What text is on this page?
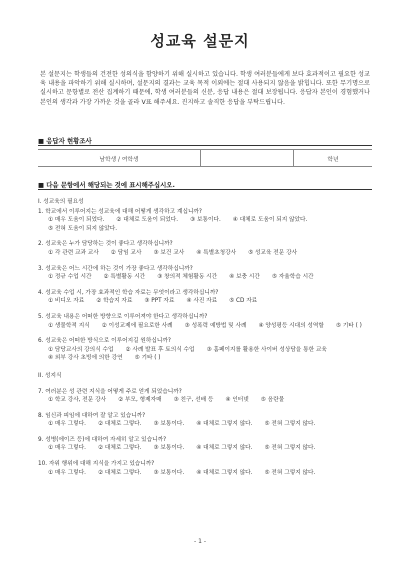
성교육 설문지
본 설문지는 학생들의 건전한 성의식을 함양하기 위해 실시하고 있습니다. 학생 여러분들에게 보다 효과적이고 필요한 성교육 내용을 파악하기 위해 실시하며, 설문지의 결과는 교육 목적 이외에는 절대 사용되지 않음을 밝힙니다. 또한 무기명으로 실시하고 문항별로 전산 집계하기 때문에, 학생 여러분들의 신분, 응답 내용은 절대 보장됩니다. 응답자 본인이 경험했거나 본인의 생각과 가장 가까운 것을 골라 V표 해주세요. 진지하고 솔직한 응답을 부탁드립니다.
■ 응답자 현황조사
남학생 / 여학생		학년
■ 다음 문항에서 해당되는 것에 표시해주십시오.
I. 성교육의 필요성
1. 학교에서 이루어지는 성교육에 대해 어떻게 생각하고 계십니까?
① 매우 도움이 되었다. ② 대체로 도움이 되었다. ③ 보통이다. ④ 대체로 도움이 되지 않았다.
⑤ 전혀 도움이 되지 않았다.
2. 성교육은 누가 담당하는 것이 좋다고 생각하십니까?
① 각 관련 교과 교사 ② 담임 교사 ③ 보건 교사 ④ 특별초청강사 ⑤ 성교육 전문 강사
3. 성교육은 어느 시간에 하는 것이 가장 좋다고 생각하십니까?
① 정규 수업 시간 ② 특별활동 시간 ③ 창의적 체험활동 시간 ④ 보충 시간 ⑤ 자율학습 시간
4. 성교육 수업 시, 가장 효과적인 학습 자료는 무엇이라고 생각하십니까?
① 비디오 자료 ② 학습지 자료 ③ PPT 자료 ④ 사진 자료 ⑤ CD 자료
5. 성교육 내용은 어떠한 방향으로 이루어져야 한다고 생각하십니까?
① 생물학적 지식 ② 이성교제에 필요로한 사례 ③ 성폭력 예방법 및 사례 ④ 양성평등 시대의 성역할 ⑤ 기타 ( )
6. 성교육은 어떠한 방식으로 이루어지길 원하십니까?
① 담당교사의 강의식 수업 ② 사례 발표 후 토의식 수업 ③ 홈페이지를 활용한 사이버 성상담을 통한 교육
④ 외부 강사 초빙에 의한 강연 ⑤ 기타 ( )
II. 성지식
7. 여러분은 성 관련 지식을 어떻게 주로 얻게 되었습니까?
① 학교 강사, 전문 강사 ② 부모, 형제자매 ③ 친구, 선배 등 ④ 인터넷 ⑤ 음란물
8. 임신과 피임에 대하여 잘 알고 있습니까?
① 매우 그렇다. ② 대체로 그렇다. ③ 보통이다. ④ 대체로 그렇지 않다. ⑤ 전혀 그렇지 않다.
9. 성병(에이즈 등)에 대하여 자세히 알고 있습니까?
① 매우 그렇다. ② 대체로 그렇다. ③ 보통이다. ④ 대체로 그렇지 않다. ⑤ 전혀 그렇지 않다.
10. 자위 행위에 대해 지식을 가지고 있습니까?
① 매우 그렇다. ② 대체로 그렇다. ③ 보통이다. ④ 대체로 그렇지 않다. ⑤ 전혀 그렇지 않다.
- 1 -
